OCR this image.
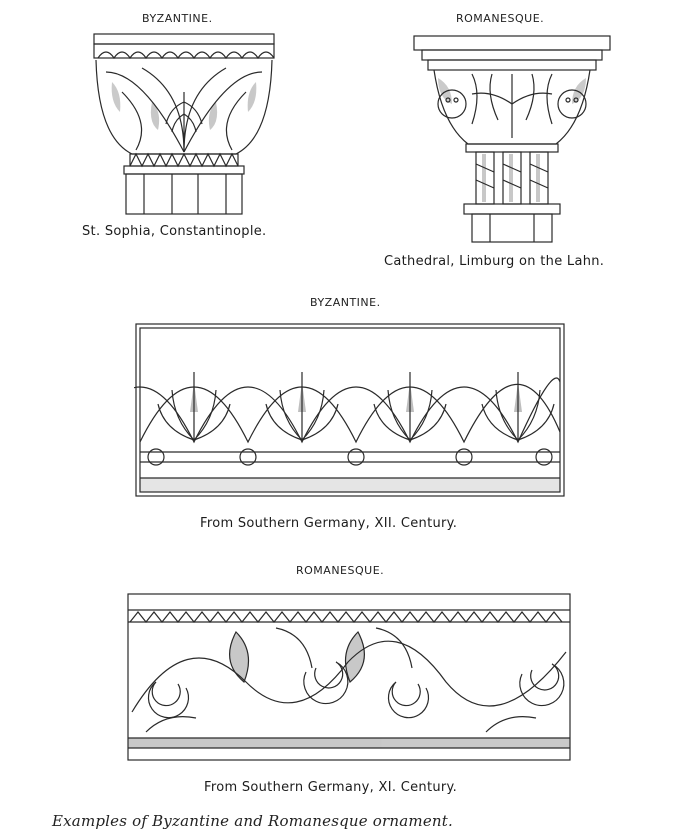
BYZANTINE.
St. Sophia, Constantinople.
ROMANESQUE.
Cathedral, Limburg on the Lahn.
BYZANTINE.
From Southern Germany, XII. Century.
ROMANESQUE.
From Southern Germany, XI. Century.
Examples of Byzantine and Romanesque ornament.
